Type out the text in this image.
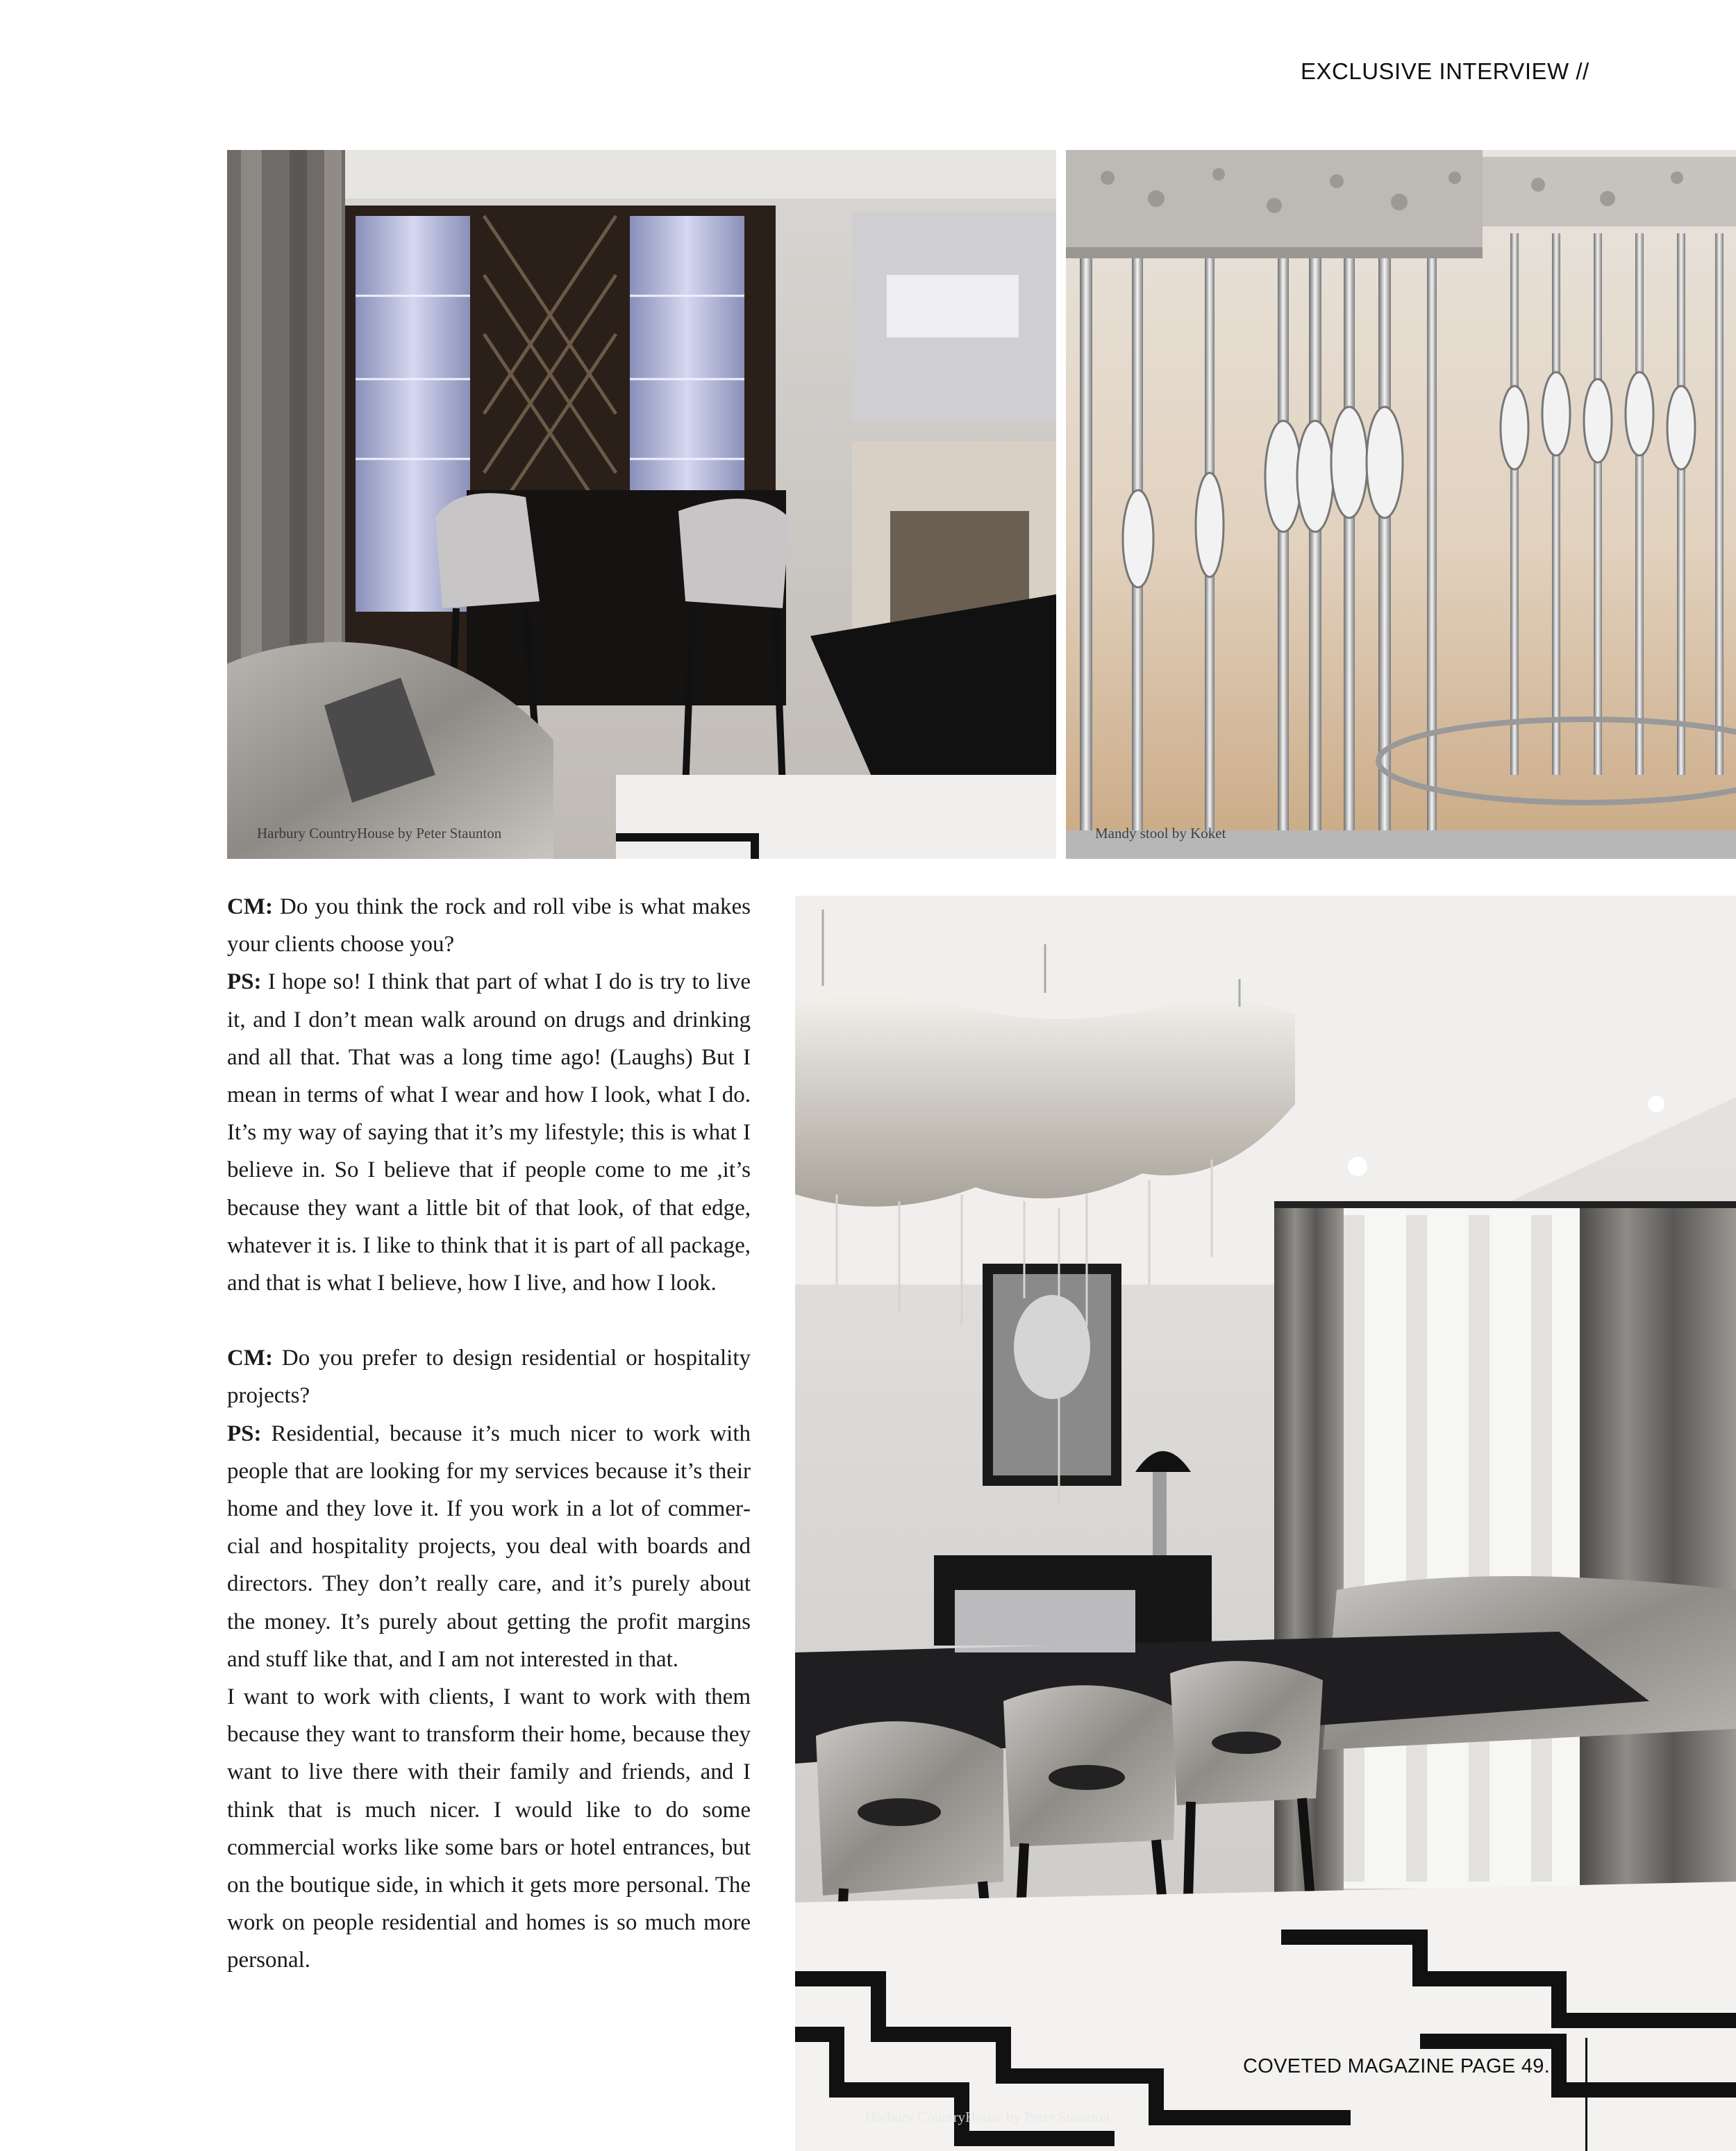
EXCLUSIVE INTERVIEW //
Harbury CountryHouse by Peter Staunton	Mandy stool by Koket

CM: Do you think the rock and roll vibe is what makes your clients choose you?

PS: I hope so! I think that part of what I do is try to live it, and I don’t mean walk around on drugs and drinking and all that. That was a long time ago! (Laughs) But I mean in terms of what I wear and how I look, what I do. It’s my way of saying that it’s my lifestyle; this is what I believe in. So I believe that if people come to me ,it’s because they want a little bit of that look, of that edge, whatever it is. I like to think that it is part of all package, and that is what I believe, how I live, and how I look.

CM: Do you prefer to design residential or hospitality projects?

PS: Residential, because it’s much nicer to work with people that are looking for my services because it’s their home and they love it. If you work in a lot of commercial and hospitality projects, you deal with boards and directors. They don’t really care, and it’s purely about the money. It’s purely about getting the profit margins and stuff like that, and I am not interested in that.

I want to work with clients, I want to work with them because they want to transform their home, because they want to live there with their family and friends, and I think that is much nicer. I would like to do some commercial works like some bars or hotel entrances, but on the boutique side, in which it gets more personal. The work on people residential and homes is so much more personal.

Harbury CountryHouse by Peter Staunton
COVETED MAGAZINE PAGE 49.
